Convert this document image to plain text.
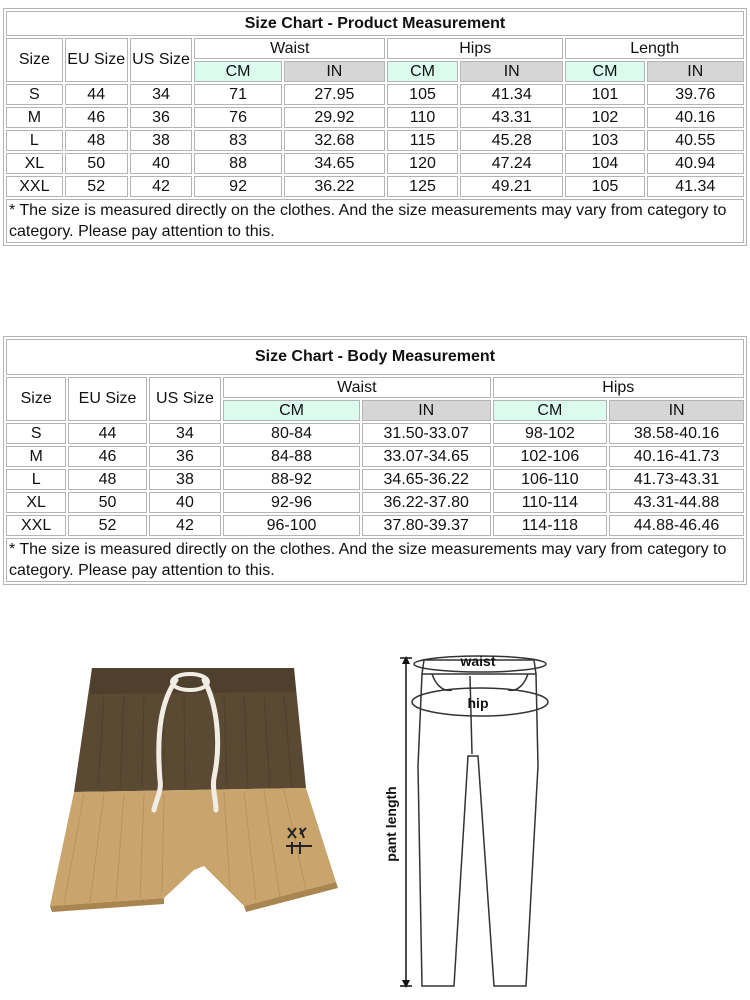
Size Chart - Product Measurement								
Size	EU Size	US Size	Waist		Hips		Length	
			CM	IN	CM	IN	CM	IN
S	44	34	71	27.95	105	41.34	101	39.76
M	46	36	76	29.92	110	43.31	102	40.16
L	48	38	83	32.68	115	45.28	103	40.55
XL	50	40	88	34.65	120	47.24	104	40.94
XXL	52	42	92	36.22	125	49.21	105	41.34
* The size is measured directly on the clothes. And the size measurements may vary from category to category. Please pay attention to this.								
Size Chart - Body Measurement						
Size	EU Size	US Size	Waist		Hips	
			CM	IN	CM	IN
S	44	34	80-84	31.50-33.07	98-102	38.58-40.16
M	46	36	84-88	33.07-34.65	102-106	40.16-41.73
L	48	38	88-92	34.65-36.22	106-110	41.73-43.31
XL	50	40	92-96	36.22-37.80	110-114	43.31-44.88
XXL	52	42	96-100	37.80-39.37	114-118	44.88-46.46
* The size is measured directly on the clothes. And the size measurements may vary from category to category. Please pay attention to this.						
waist
hip
pant length
